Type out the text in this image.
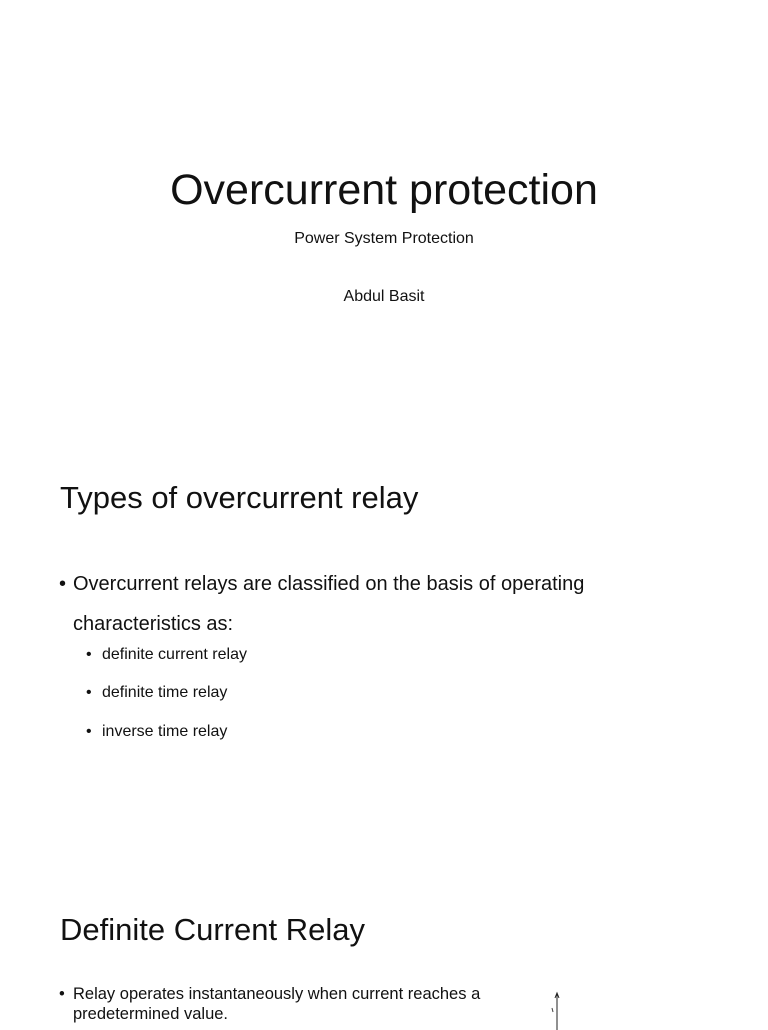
Overcurrent protection
Power System Protection
Abdul Basit
Types of overcurrent relay
• Overcurrent relays are classified on the basis of operating
characteristics as:
• definite current relay
• definite time relay
• inverse time relay
Definite Current Relay
• Relay operates instantaneously when current reaches a
predetermined value.
